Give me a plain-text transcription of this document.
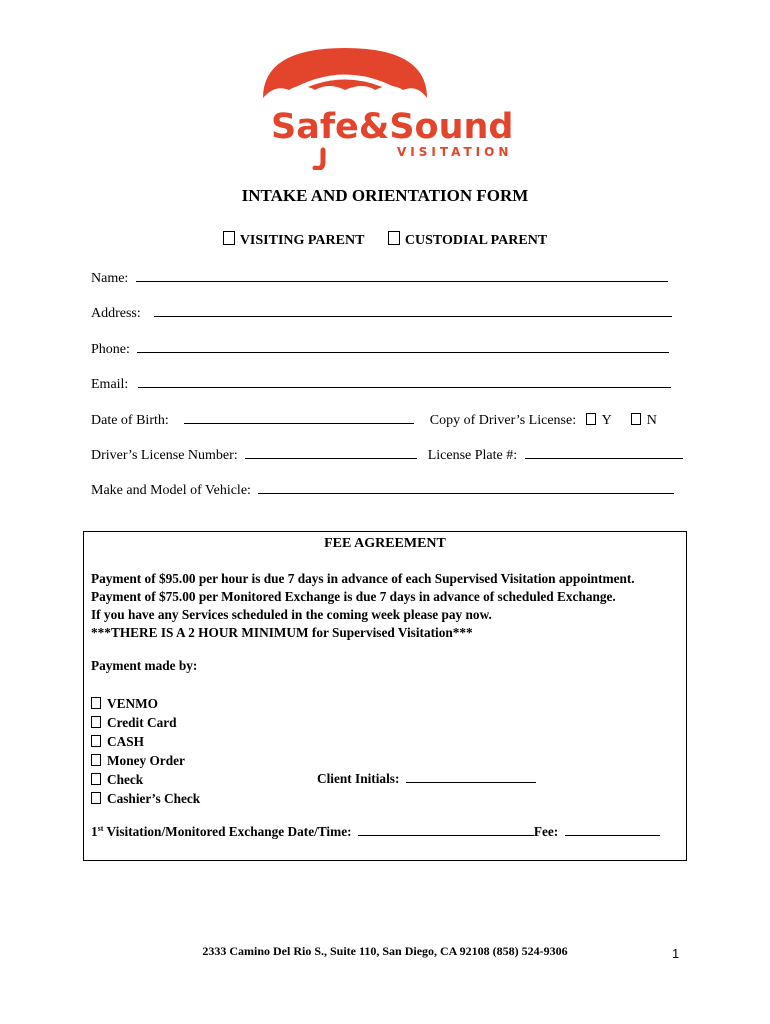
Safe&Sound
VISITATION
INTAKE AND ORIENTATION FORM
VISITING PARENT	CUSTODIAL PARENT
Name:
Address:
Phone:
Email:
Date of Birth:	Copy of Driver’s License: Y	N
Driver’s License Number:	License Plate #:
Make and Model of Vehicle:
FEE AGREEMENT
Payment of $95.00 per hour is due 7 days in advance of each Supervised Visitation appointment.
Payment of $75.00 per Monitored Exchange is due 7 days in advance of scheduled Exchange.
If you have any Services scheduled in the coming week please pay now.
***THERE IS A 2 HOUR MINIMUM for Supervised Visitation***
Payment made by:
VENMO
Credit Card
CASH
Money Order
Check
Cashier’s Check
Client Initials:
1st Visitation/Monitored Exchange Date/Time:	Fee:
2333 Camino Del Rio S., Suite 110, San Diego, CA 92108 (858) 524-9306	1
